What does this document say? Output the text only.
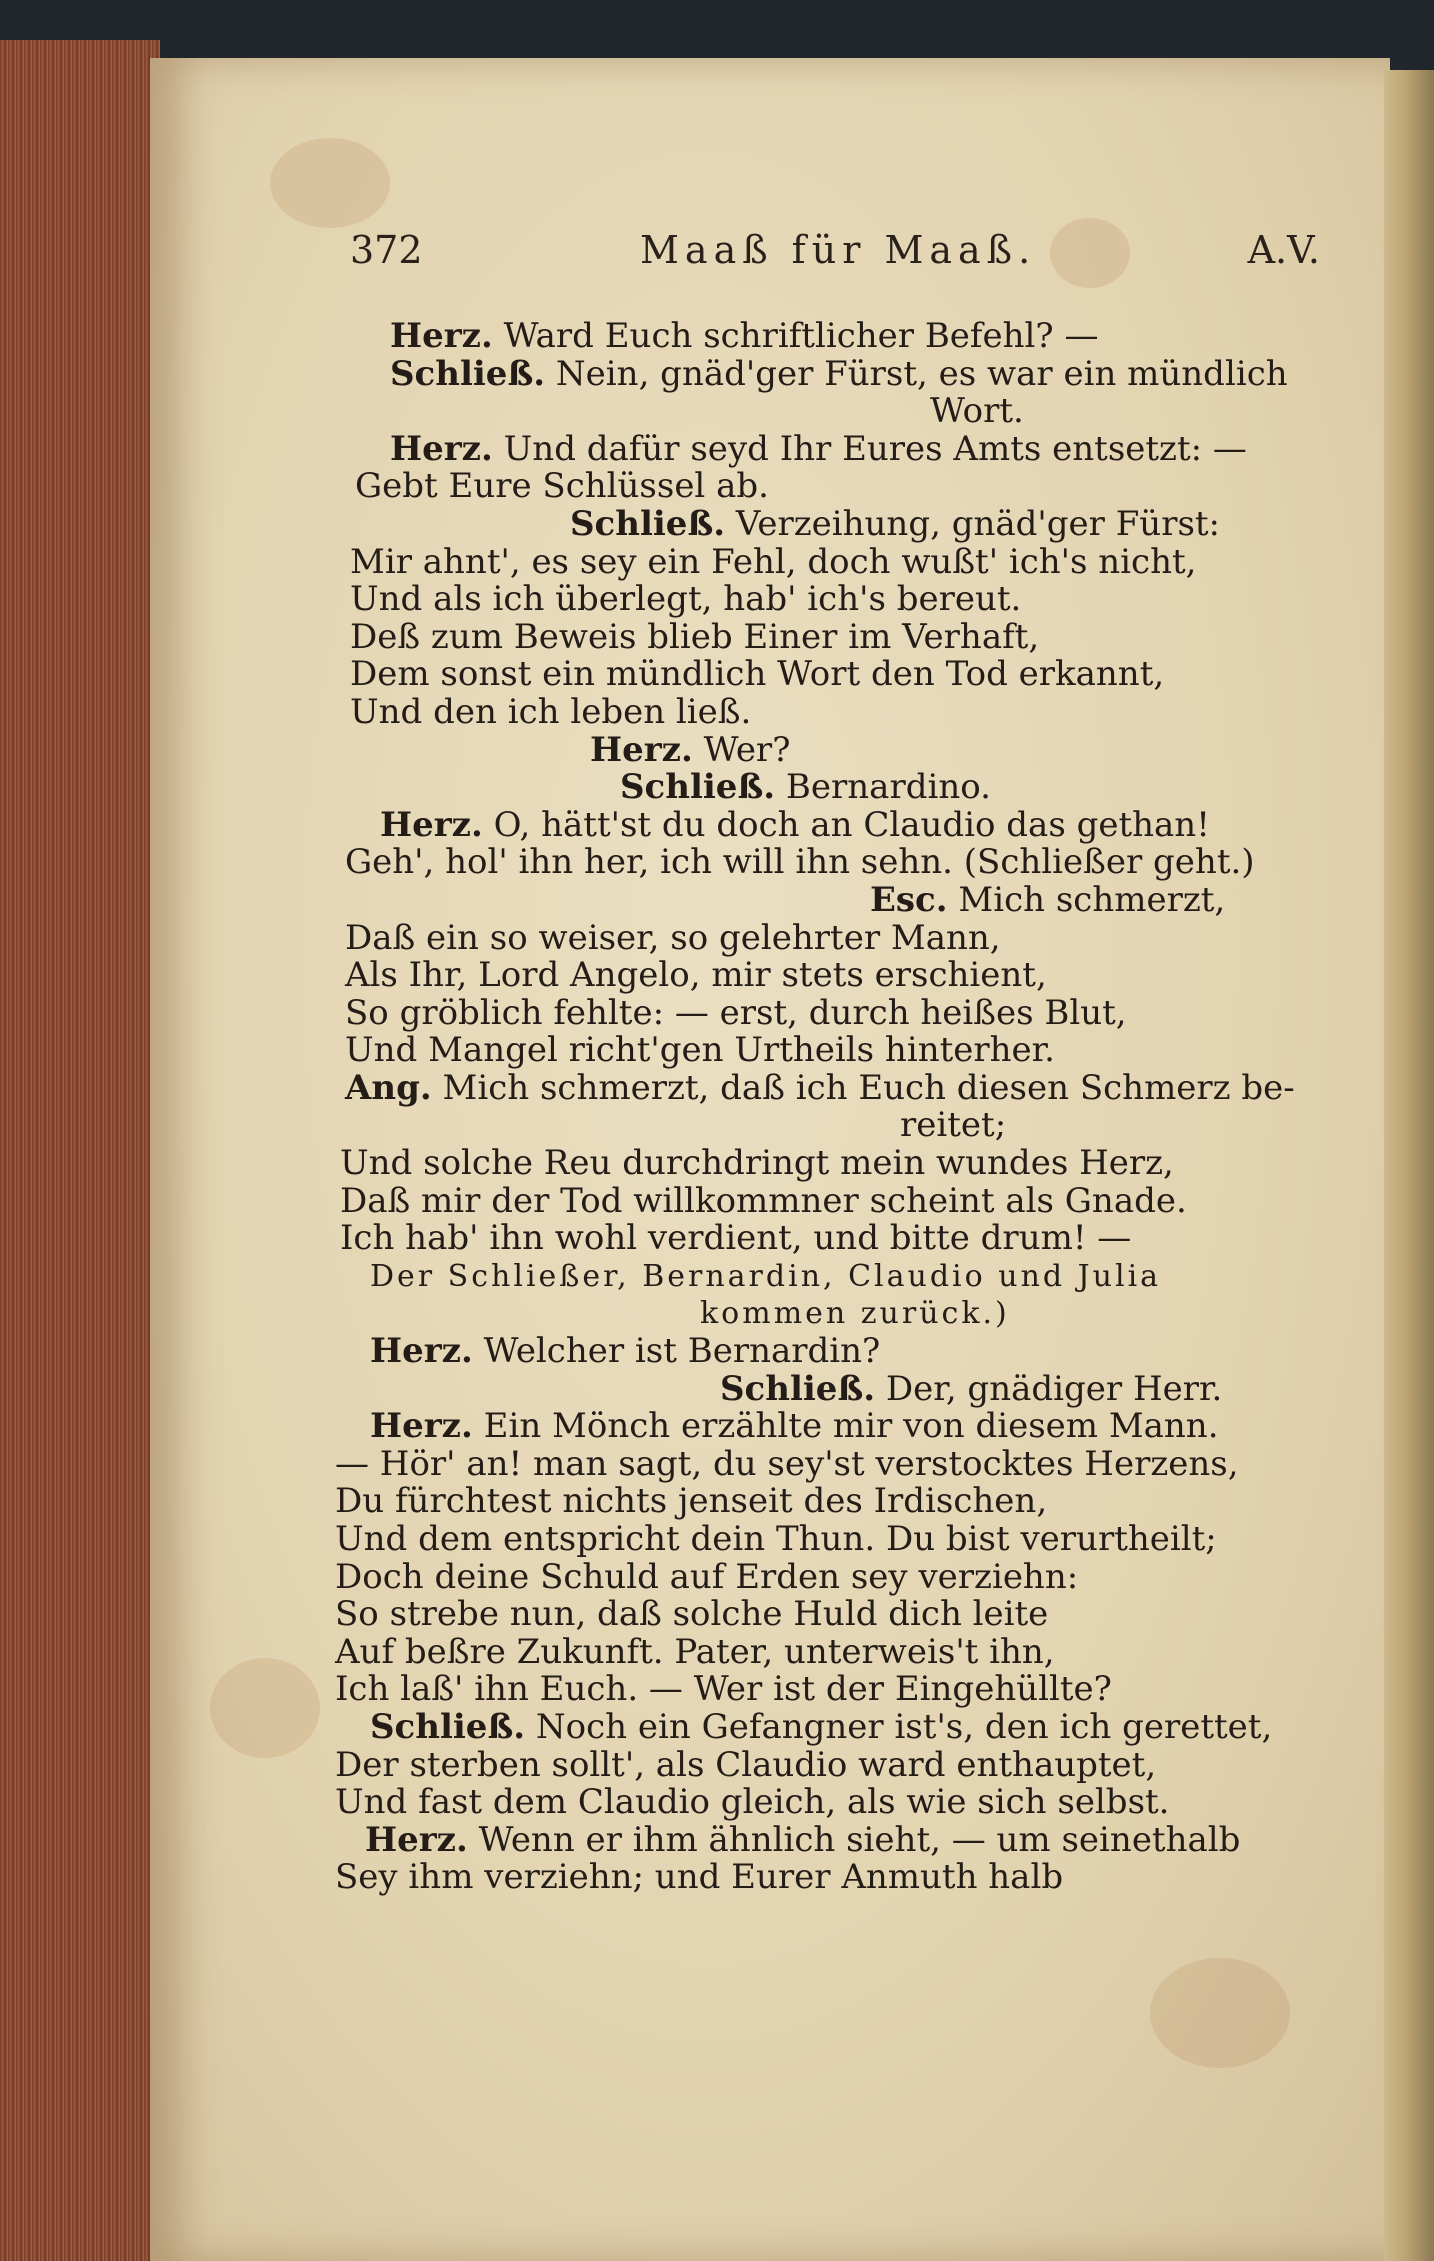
372	Maaß für Maaß.	A.V.
Herz. Ward Euch schriftlicher Befehl? —
Schließ. Nein, gnäd'ger Fürst, es war ein mündlich
Wort.
Herz. Und dafür seyd Ihr Eures Amts entsetzt: —
Gebt Eure Schlüssel ab.
Schließ. Verzeihung, gnäd'ger Fürst:
Mir ahnt', es sey ein Fehl, doch wußt' ich's nicht,
Und als ich überlegt, hab' ich's bereut.
Deß zum Beweis blieb Einer im Verhaft,
Dem sonst ein mündlich Wort den Tod erkannt,
Und den ich leben ließ.
Herz. Wer?
Schließ. Bernardino.
Herz. O, hätt'st du doch an Claudio das gethan!
Geh', hol' ihn her, ich will ihn sehn. (Schließer geht.)
Esc. Mich schmerzt,
Daß ein so weiser, so gelehrter Mann,
Als Ihr, Lord Angelo, mir stets erschient,
So gröblich fehlte: — erst, durch heißes Blut,
Und Mangel richt'gen Urtheils hinterher.
Ang. Mich schmerzt, daß ich Euch diesen Schmerz be-
reitet;
Und solche Reu durchdringt mein wundes Herz,
Daß mir der Tod willkommner scheint als Gnade.
Ich hab' ihn wohl verdient, und bitte drum! —
Der Schließer, Bernardin, Claudio und Julia
kommen zurück.)
Herz. Welcher ist Bernardin?
Schließ. Der, gnädiger Herr.
Herz. Ein Mönch erzählte mir von diesem Mann.
— Hör' an! man sagt, du sey'st verstocktes Herzens,
Du fürchtest nichts jenseit des Irdischen,
Und dem entspricht dein Thun. Du bist verurtheilt;
Doch deine Schuld auf Erden sey verziehn:
So strebe nun, daß solche Huld dich leite
Auf beßre Zukunft. Pater, unterweis't ihn,
Ich laß' ihn Euch. — Wer ist der Eingehüllte?
Schließ. Noch ein Gefangner ist's, den ich gerettet,
Der sterben sollt', als Claudio ward enthauptet,
Und fast dem Claudio gleich, als wie sich selbst.
Herz. Wenn er ihm ähnlich sieht, — um seinethalb
Sey ihm verziehn; und Eurer Anmuth halb
